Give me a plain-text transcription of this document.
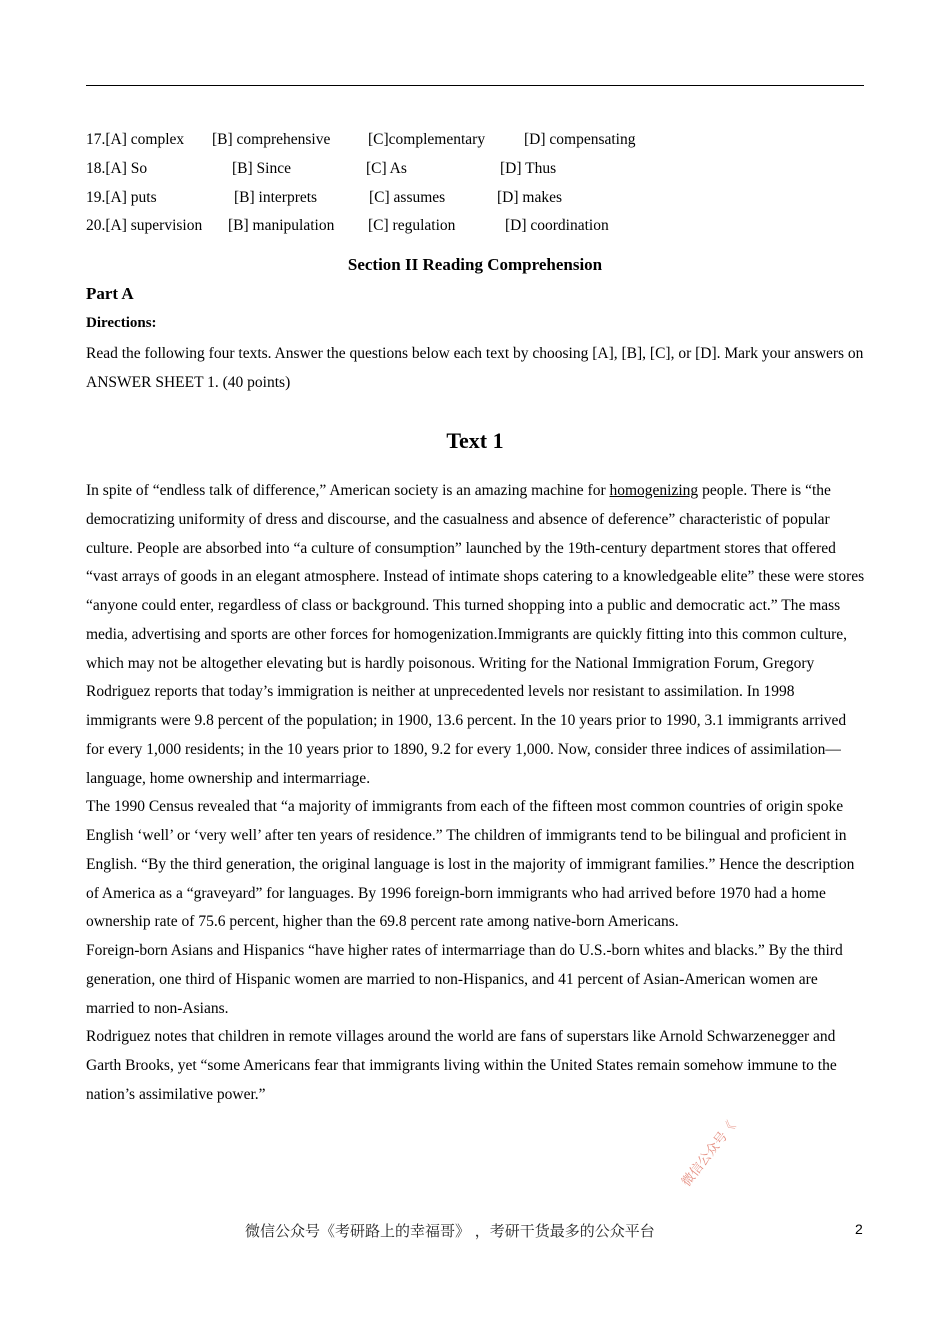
17.[A] complex [B] comprehensive [C]complementary	[D] compensating
18.[A] So	[B] Since	[C] As	[D] Thus
19.[A] puts	[B] interprets	[C] assumes	[D] makes
20.[A] supervision [B] manipulation [C] regulation	[D] coordination
Section II Reading Comprehension
Part A
Directions:
Read the following four texts. Answer the questions below each text by choosing [A], [B], [C], or [D]. Mark your answers on ANSWER SHEET 1. (40 points)
Text 1

In spite of “endless talk of difference,” American society is an amazing machine for homogenizing people. There is “the democratizing uniformity of dress and discourse, and the casualness and absence of deference” characteristic of popular culture. People are absorbed into “a culture of consumption” launched by the 19th-century department stores that offered “vast arrays of goods in an elegant atmosphere. Instead of intimate shops catering to a knowledgeable elite” these were stores “anyone could enter, regardless of class or background. This turned shopping into a public and democratic act.” The mass media, advertising and sports are other forces for homogenization.Immigrants are quickly fitting into this common culture, which may not be altogether elevating but is hardly poisonous. Writing for the National Immigration Forum, Gregory Rodriguez reports that today’s immigration is neither at unprecedented levels nor resistant to assimilation. In 1998 immigrants were 9.8 percent of the population; in 1900, 13.6 percent. In the 10 years prior to 1990, 3.1 immigrants arrived for every 1,000 residents; in the 10 years prior to 1890, 9.2 for every 1,000. Now, consider three indices of assimilation—language, home ownership and intermarriage.

The 1990 Census revealed that “a majority of immigrants from each of the fifteen most common countries of origin spoke English ‘well’ or ‘very well’ after ten years of residence.” The children of immigrants tend to be bilingual and proficient in English. “By the third generation, the original language is lost in the majority of immigrant families.” Hence the description of America as a “graveyard” for languages. By 1996 foreign-born immigrants who had arrived before 1970 had a home ownership rate of 75.6 percent, higher than the 69.8 percent rate among native-born Americans.

Foreign-born Asians and Hispanics “have higher rates of intermarriage than do U.S.-born whites and blacks.” By the third generation, one third of Hispanic women are married to non-Hispanics, and 41 percent of Asian-American women are married to non-Asians.

Rodriguez notes that children in remote villages around the world are fans of superstars like Arnold Schwarzenegger and Garth Brooks, yet “some Americans fear that immigrants living within the United States remain somehow immune to the nation’s assimilative power.”

微信公众号《
微信公众号《考研路上的幸福哥》 ，考研干货最多的公众平台	2
